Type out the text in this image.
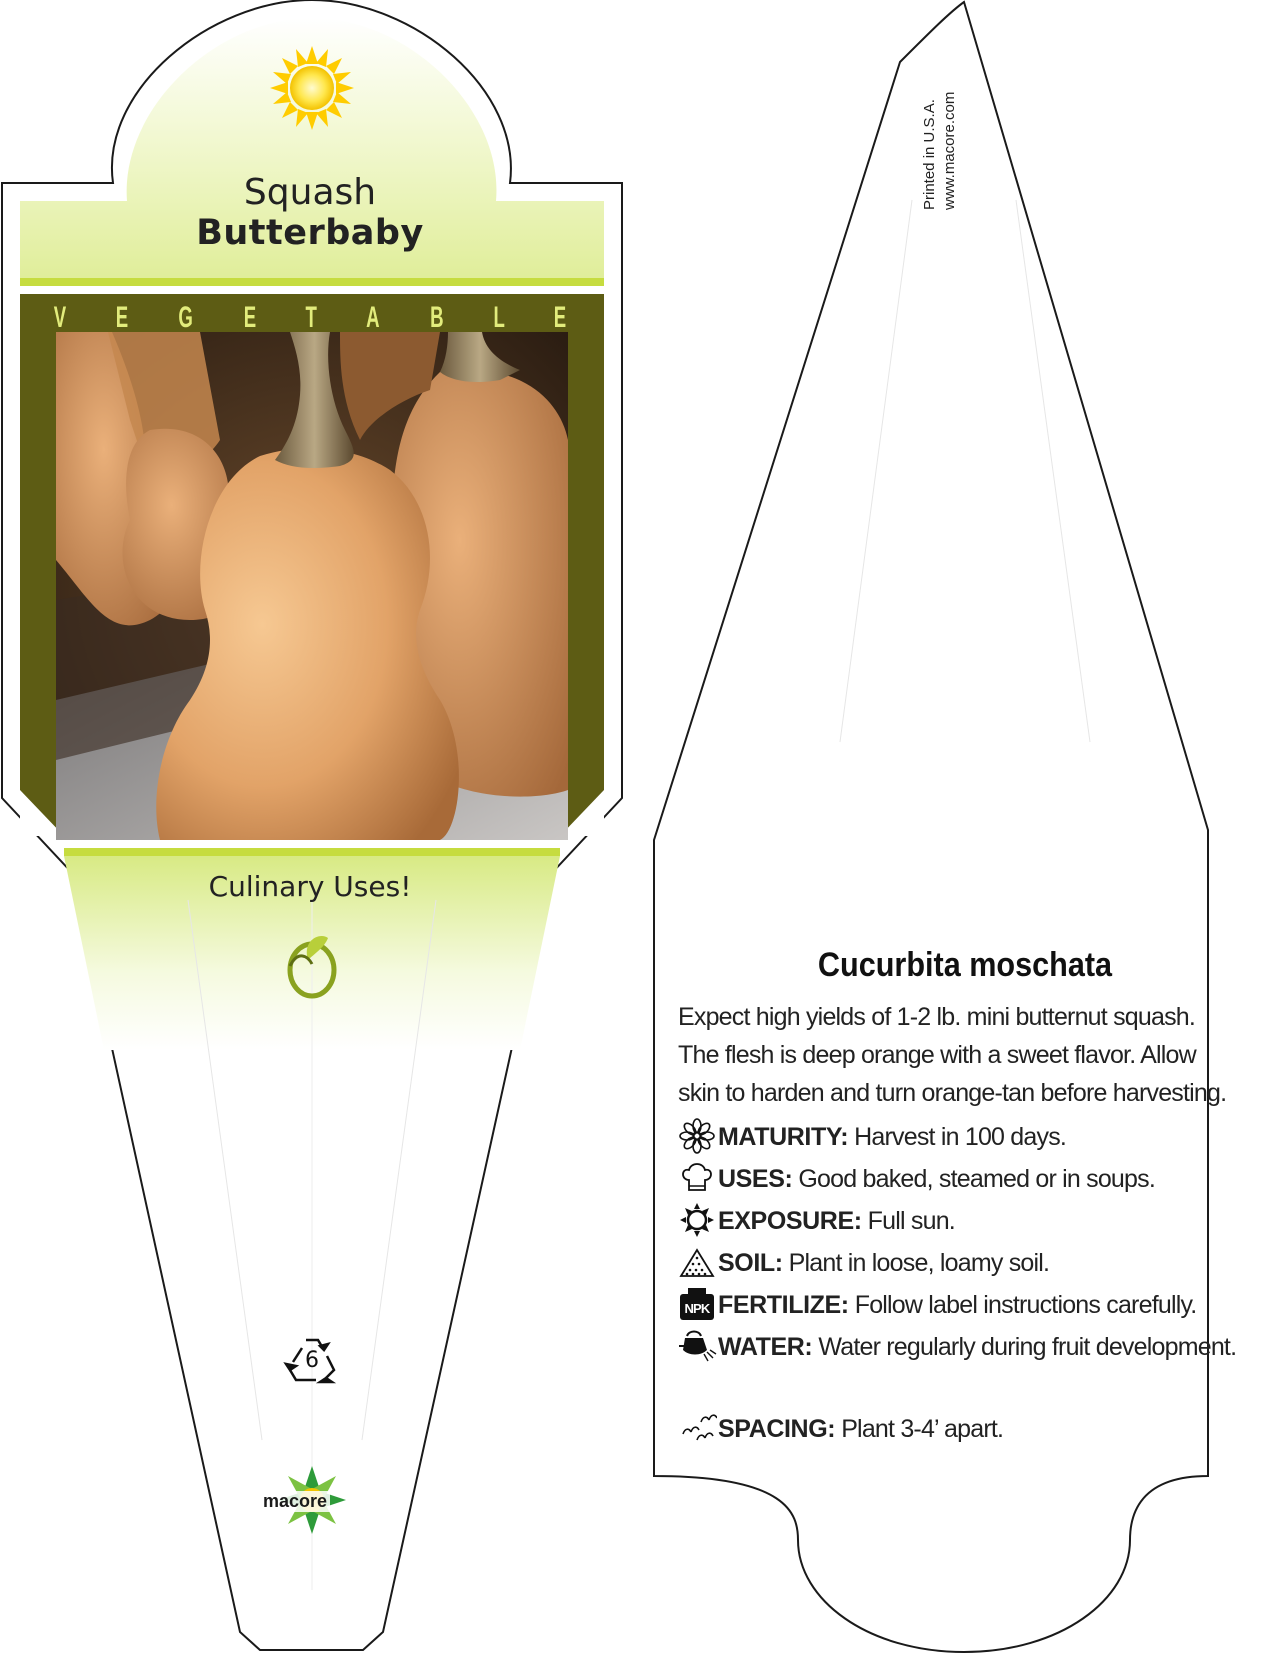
Squash
Butterbaby
V E G E T A B L E
Culinary Uses!
6
macore
Printed in U.S.A. www.macore.com
Cucurbita moschata
Expect high yields of 1-2 lb. mini butternut squash. The flesh is deep orange with a sweet flavor. Allow skin to harden and turn orange-tan before harvesting.
MATURITY: Harvest in 100 days.
USES: Good baked, steamed or in soups.
EXPOSURE: Full sun.
SOIL: Plant in loose, loamy soil.
NPK FERTILIZE: Follow label instructions carefully.
WATER: Water regularly during fruit development.
SPACING: Plant 3-4’ apart.
